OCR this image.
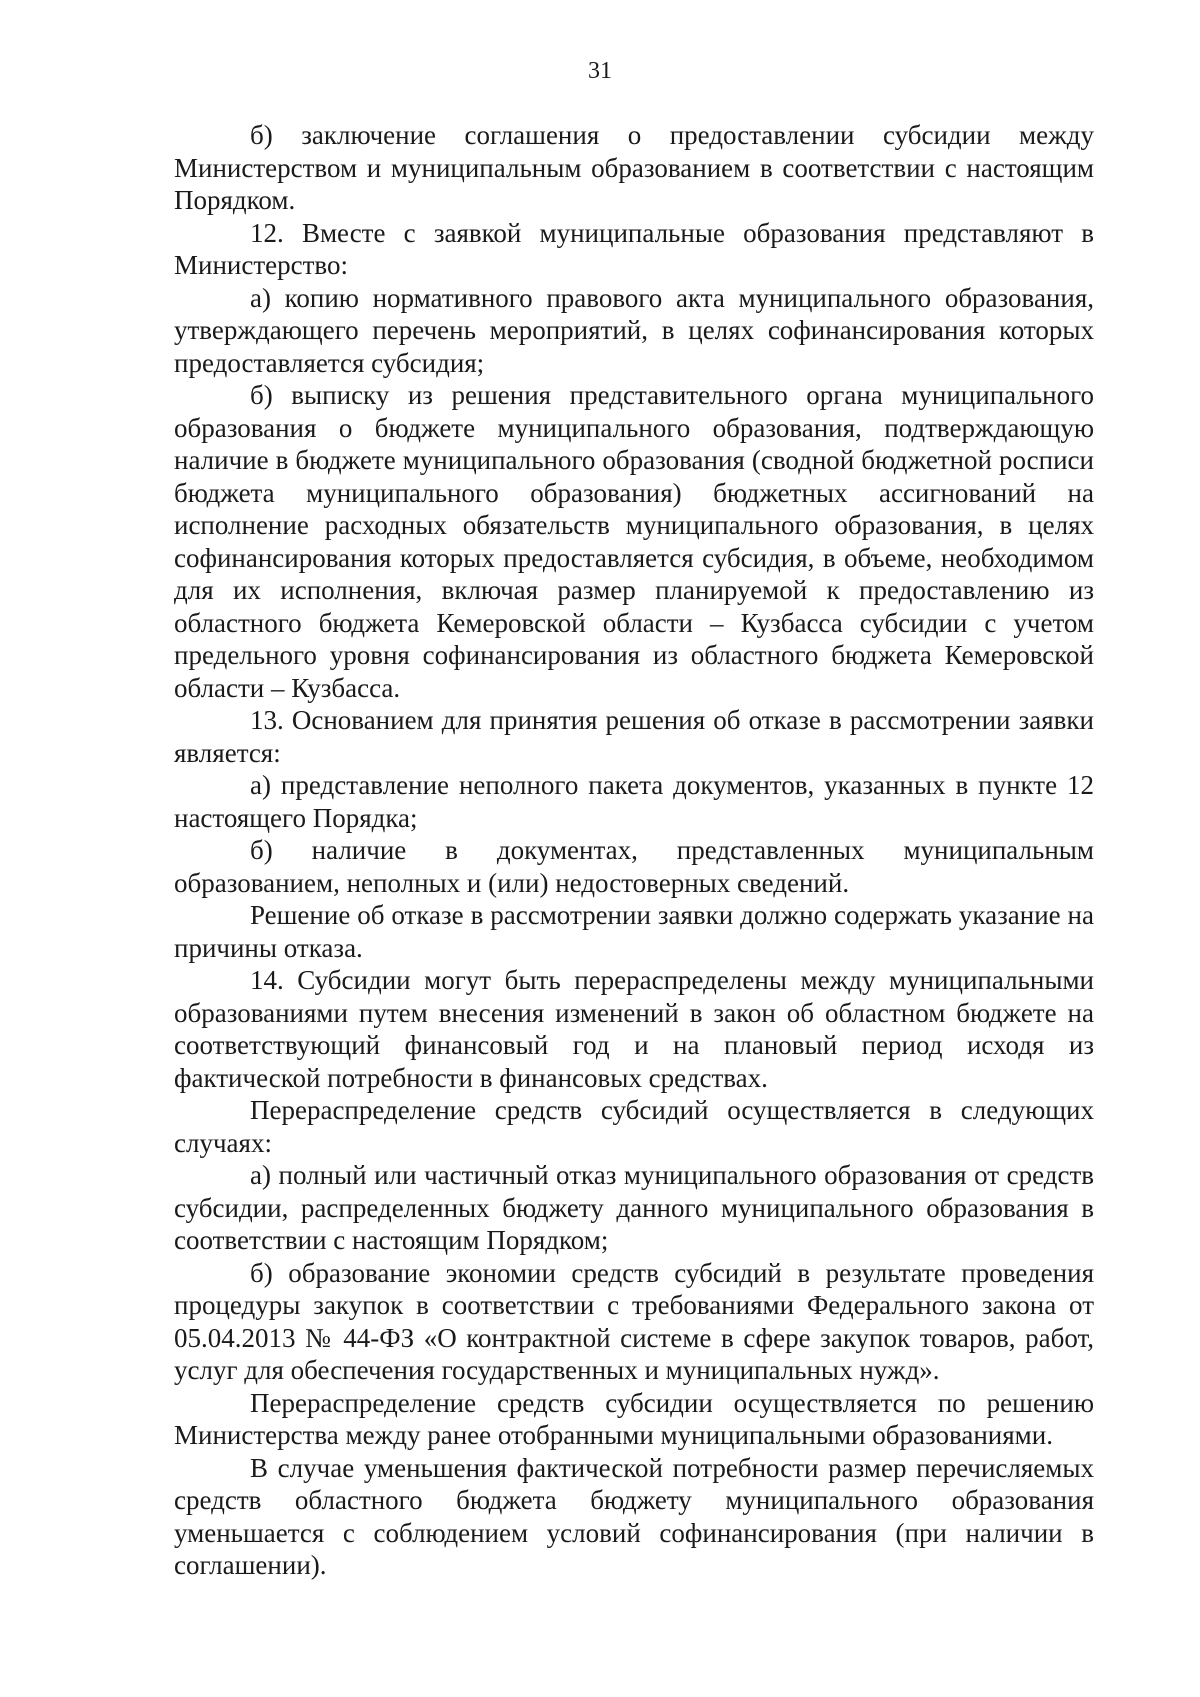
31

б) заключение соглашения о предоставлении субсидии между Министерством и муниципальным образованием в соответствии с настоящим Порядком.

12. Вместе с заявкой муниципальные образования представляют в Министерство:

а) копию нормативного правового акта муниципального образования, утверждающего перечень мероприятий, в целях софинансирования которых предоставляется субсидия;

б) выписку из решения представительного органа муниципального образования о бюджете муниципального образования, подтверждающую наличие в бюджете муниципального образования (сводной бюджетной росписи бюджета муниципального образования) бюджетных ассигнований на исполнение расходных обязательств муниципального образования, в целях софинансирования которых предоставляется субсидия, в объеме, необходимом для их исполнения, включая размер планируемой к предоставлению из областного бюджета Кемеровской области – Кузбасса субсидии с учетом предельного уровня софинансирования из областного бюджета Кемеровской области – Кузбасса.

13. Основанием для принятия решения об отказе в рассмотрении заявки является:

а) представление неполного пакета документов, указанных в пункте 12 настоящего Порядка;

б) наличие в документах, представленных муниципальным образованием, неполных и (или) недостоверных сведений.

Решение об отказе в рассмотрении заявки должно содержать указание на причины отказа.

14. Субсидии могут быть перераспределены между муниципальными образованиями путем внесения изменений в закон об областном бюджете на соответствующий финансовый год и на плановый период исходя из фактической потребности в финансовых средствах.

Перераспределение средств субсидий осуществляется в следующих случаях:

а) полный или частичный отказ муниципального образования от средств субсидии, распределенных бюджету данного муниципального образования в соответствии с настоящим Порядком;

б) образование экономии средств субсидий в результате проведения процедуры закупок в соответствии с требованиями Федерального закона от 05.04.2013 № 44-ФЗ «О контрактной системе в сфере закупок товаров, работ, услуг для обеспечения государственных и муниципальных нужд».

Перераспределение средств субсидии осуществляется по решению Министерства между ранее отобранными муниципальными образованиями.

В случае уменьшения фактической потребности размер перечисляемых средств областного бюджета бюджету муниципального образования уменьшается с соблюдением условий софинансирования (при наличии в соглашении).
